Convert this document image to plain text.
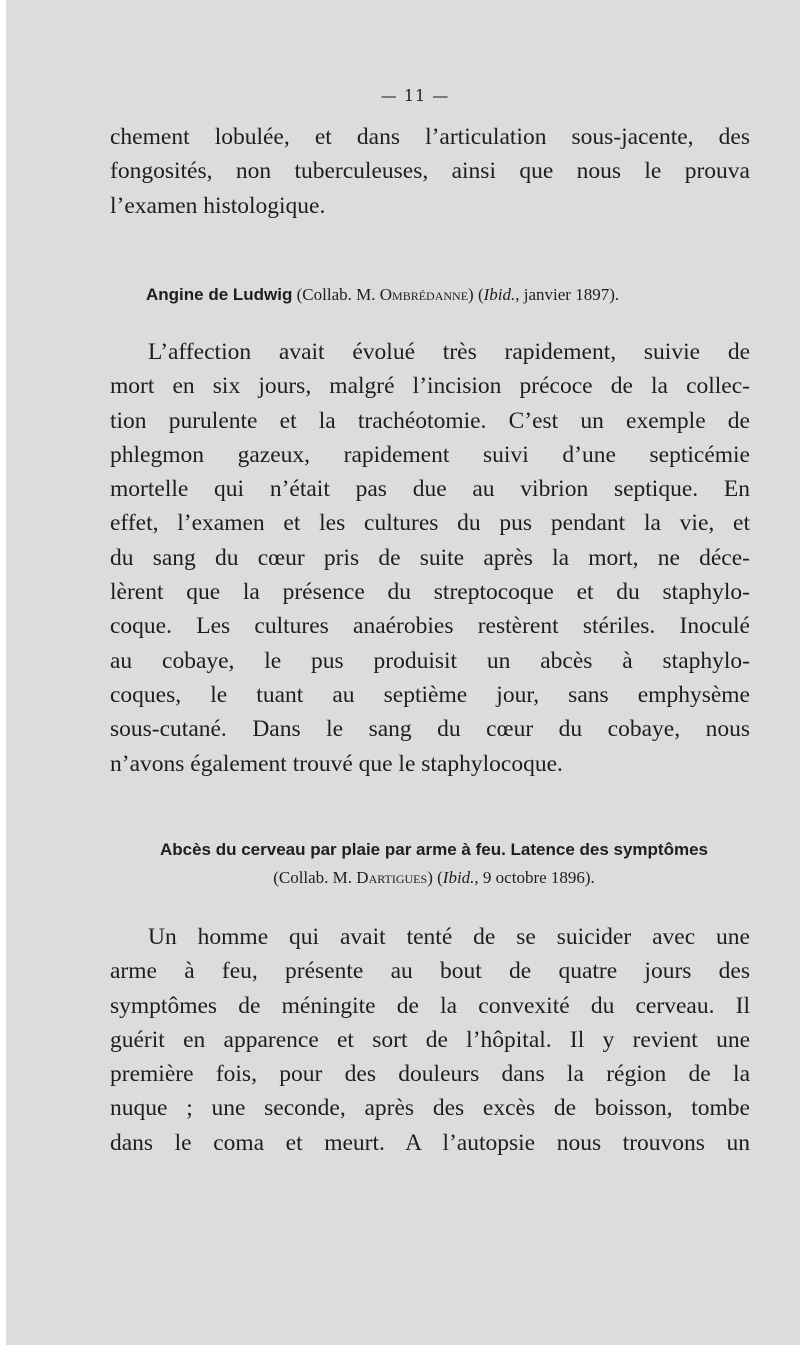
— 11 —
chement lobulée, et dans l’articulation sous-jacente, des
fongosités, non tuberculeuses, ainsi que nous le prouva
l’examen histologique.
Angine de Ludwig (Collab. M. Ombrédanne) (Ibid., janvier 1897).
L’affection avait évolué très rapidement, suivie de
mort en six jours, malgré l’incision précoce de la collec-
tion purulente et la trachéotomie. C’est un exemple de
phlegmon gazeux, rapidement suivi d’une septicémie
mortelle qui n’était pas due au vibrion septique. En
effet, l’examen et les cultures du pus pendant la vie, et
du sang du cœur pris de suite après la mort, ne déce-
lèrent que la présence du streptocoque et du staphylo-
coque. Les cultures anaérobies restèrent stériles. Inoculé
au cobaye, le pus produisit un abcès à staphylo-
coques, le tuant au septième jour, sans emphysème
sous-cutané. Dans le sang du cœur du cobaye, nous
n’avons également trouvé que le staphylocoque.
Abcès du cerveau par plaie par arme à feu. Latence des symptômes
(Collab. M. Dartigues) (Ibid., 9 octobre 1896).
Un homme qui avait tenté de se suicider avec une
arme à feu, présente au bout de quatre jours des
symptômes de méningite de la convexité du cerveau. Il
guérit en apparence et sort de l’hôpital. Il y revient une
première fois, pour des douleurs dans la région de la
nuque ; une seconde, après des excès de boisson, tombe
dans le coma et meurt. A l’autopsie nous trouvons un
